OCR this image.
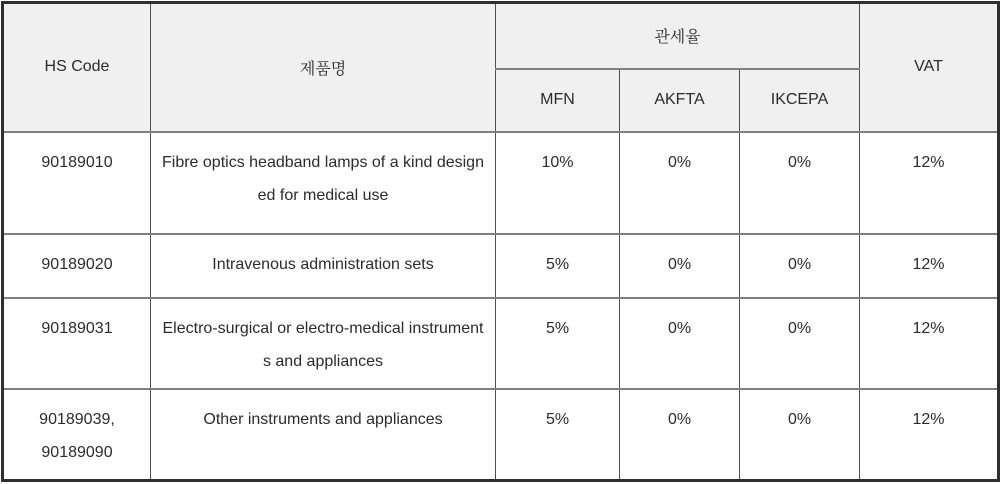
HS Code	제품명	관세율			VAT
		MFN	AKFTA	IKCEPA	
90189010	Fibre optics headband lamps of a kind designed for medical use	10%	0%	0%	12%
90189020	Intravenous administration sets	5%	0%	0%	12%
90189031	Electro-surgical or electro-medical instruments and appliances	5%	0%	0%	12%
90189039, 90189090	Other instruments and appliances	5%	0%	0%	12%
